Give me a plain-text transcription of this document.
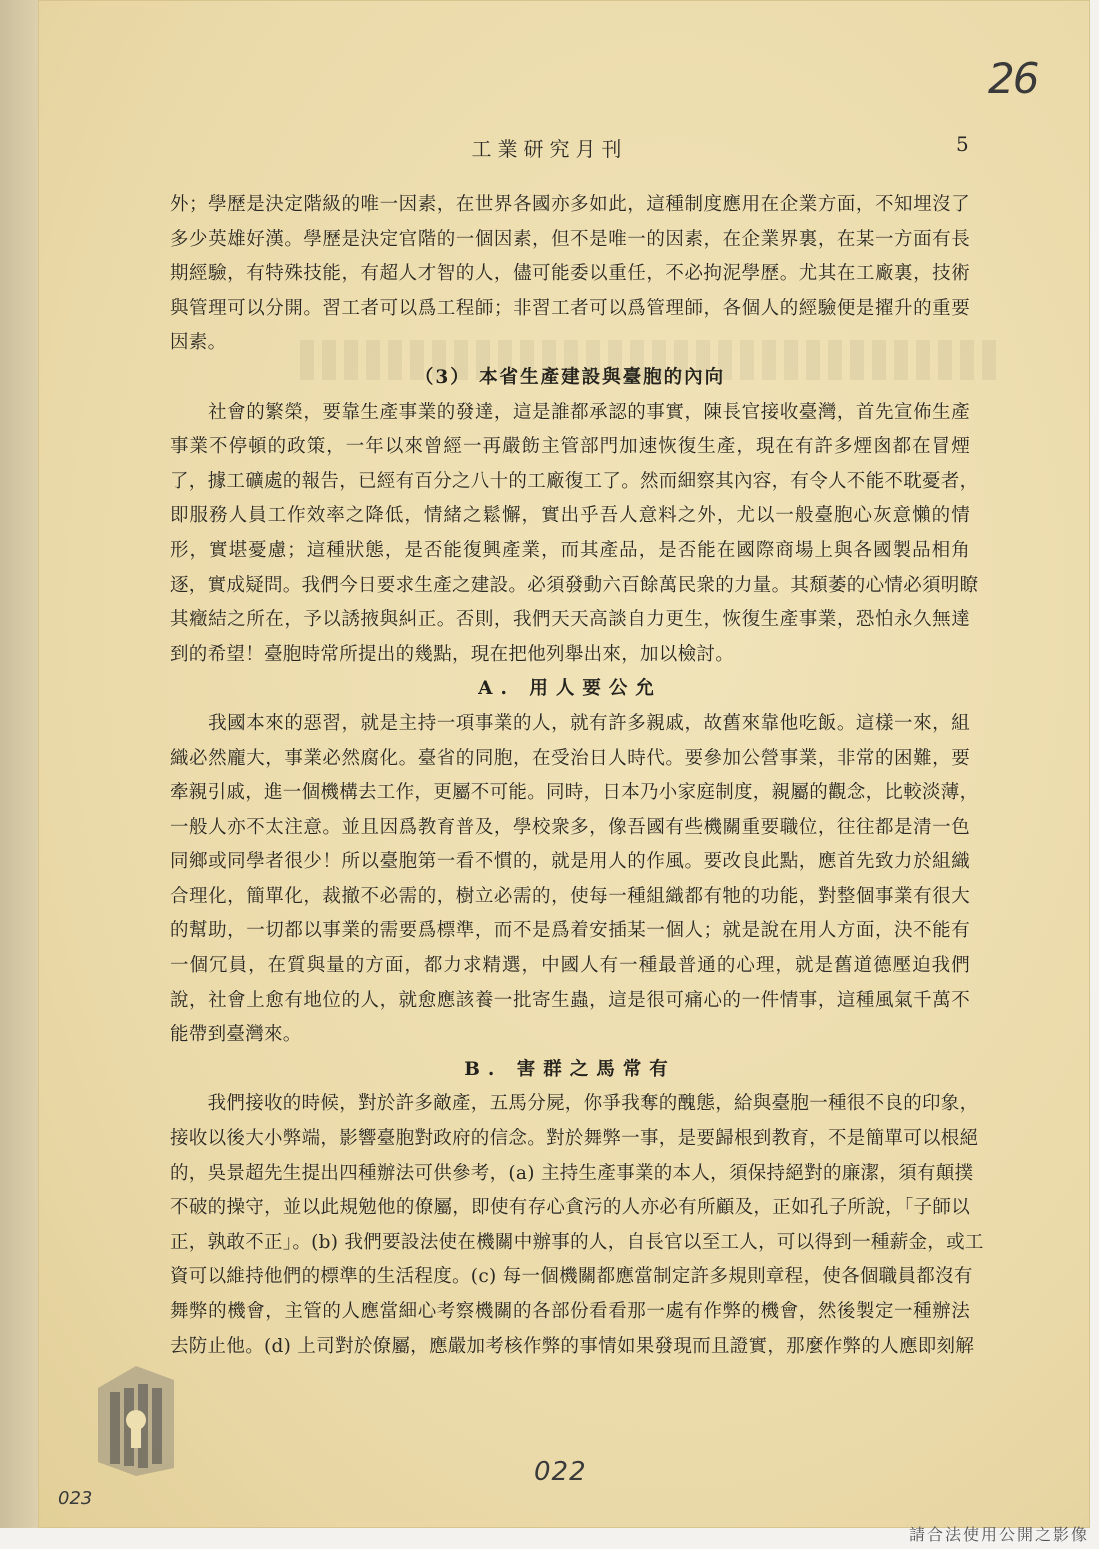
26
工業研究月刊	5
外；學歷是決定階級的唯一因素，在世界各國亦多如此，這種制度應用在企業方面，不知埋沒了
多少英雄好漢。學歷是決定官階的一個因素，但不是唯一的因素，在企業界裏，在某一方面有長
期經驗，有特殊技能，有超人才智的人，儘可能委以重任，不必拘泥學歷。尤其在工廠裏，技術
與管理可以分開。習工者可以爲工程師；非習工者可以爲管理師，各個人的經驗便是擢升的重要
因素。
（3） 本省生產建設與臺胞的內向
　　社會的繁榮，要靠生產事業的發達，這是誰都承認的事實，陳長官接收臺灣，首先宣佈生產
事業不停頓的政策，一年以來曾經一再嚴飭主管部門加速恢復生產，現在有許多煙囪都在冒煙
了，據工礦處的報告，已經有百分之八十的工廠復工了。然而細察其內容，有令人不能不耽憂者，
即服務人員工作效率之降低，情緒之鬆懈，實出乎吾人意料之外，尤以一般臺胞心灰意懶的情
形，實堪憂慮；這種狀態，是否能復興產業，而其產品，是否能在國際商場上與各國製品相角
逐，實成疑問。我們今日要求生產之建設。必須發動六百餘萬民衆的力量。其頹萎的心情必須明瞭
其癥結之所在，予以誘掖與糾正。否則，我們天天高談自力更生，恢復生產事業，恐怕永久無達
到的希望！臺胞時常所提出的幾點，現在把他列舉出來，加以檢討。
A. 用人要公允
　　我國本來的惡習，就是主持一項事業的人，就有許多親戚，故舊來靠他吃飯。這樣一來，組
織必然龐大，事業必然腐化。臺省的同胞，在受治日人時代。要參加公營事業，非常的困難，要
牽親引戚，進一個機構去工作，更屬不可能。同時，日本乃小家庭制度，親屬的觀念，比較淡薄，
一般人亦不太注意。並且因爲教育普及，學校衆多，像吾國有些機關重要職位，往往都是清一色
同鄉或同學者很少！所以臺胞第一看不慣的，就是用人的作風。要改良此點，應首先致力於組織
合理化，簡單化，裁撤不必需的，樹立必需的，使每一種組織都有牠的功能，對整個事業有很大
的幫助，一切都以事業的需要爲標準，而不是爲着安插某一個人；就是說在用人方面，決不能有
一個冗員，在質與量的方面，都力求精選，中國人有一種最普通的心理，就是舊道德壓迫我們
說，社會上愈有地位的人，就愈應該養一批寄生蟲，這是很可痛心的一件情事，這種風氣千萬不
能帶到臺灣來。
B. 害群之馬常有
　　我們接收的時候，對於許多敵產，五馬分屍，你爭我奪的醜態，給與臺胞一種很不良的印象，
接收以後大小弊端，影響臺胞對政府的信念。對於舞弊一事，是要歸根到教育，不是簡單可以根絕
的，吳景超先生提出四種辦法可供參考，(a) 主持生產事業的本人，須保持絕對的廉潔，須有顛撲
不破的操守，並以此規勉他的僚屬，即使有存心貪污的人亦必有所顧及，正如孔子所說，「子師以
正，孰敢不正」。(b) 我們要設法使在機關中辦事的人，自長官以至工人，可以得到一種薪金，或工
資可以維持他們的標準的生活程度。(c) 每一個機關都應當制定許多規則章程，使各個職員都沒有
舞弊的機會，主管的人應當細心考察機關的各部份看看那一處有作弊的機會，然後製定一種辦法
去防止他。(d) 上司對於僚屬，應嚴加考核作弊的事情如果發現而且證實，那麼作弊的人應即刻解
022
023
請合法使用公開之影像
